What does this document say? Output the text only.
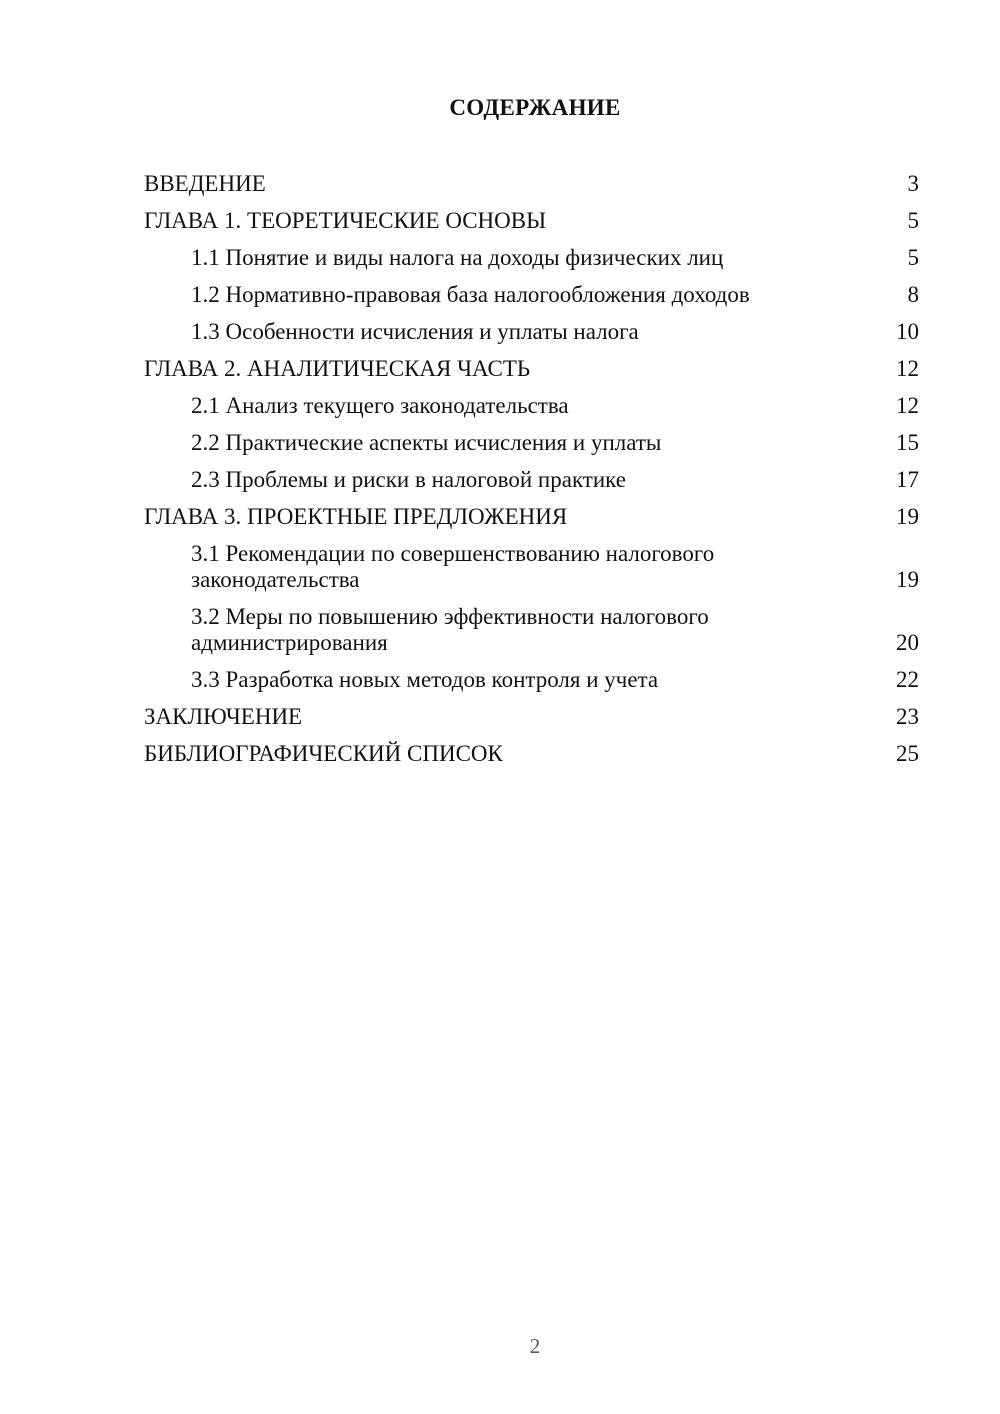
СОДЕРЖАНИЕ
ВВЕДЕНИЕ	3
ГЛАВА 1. ТЕОРЕТИЧЕСКИЕ ОСНОВЫ	5
1.1 Понятие и виды налога на доходы физических лиц	5
1.2 Нормативно-правовая база налогообложения доходов	8
1.3 Особенности исчисления и уплаты налога	10
ГЛАВА 2. АНАЛИТИЧЕСКАЯ ЧАСТЬ	12
2.1 Анализ текущего законодательства	12
2.2 Практические аспекты исчисления и уплаты	15
2.3 Проблемы и риски в налоговой практике	17
ГЛАВА 3. ПРОЕКТНЫЕ ПРЕДЛОЖЕНИЯ	19
3.1 Рекомендации по совершенствованию налогового законодательства	19
3.2 Меры по повышению эффективности налогового администрирования	20
3.3 Разработка новых методов контроля и учета	22
ЗАКЛЮЧЕНИЕ	23
БИБЛИОГРАФИЧЕСКИЙ СПИСОК	25
2
